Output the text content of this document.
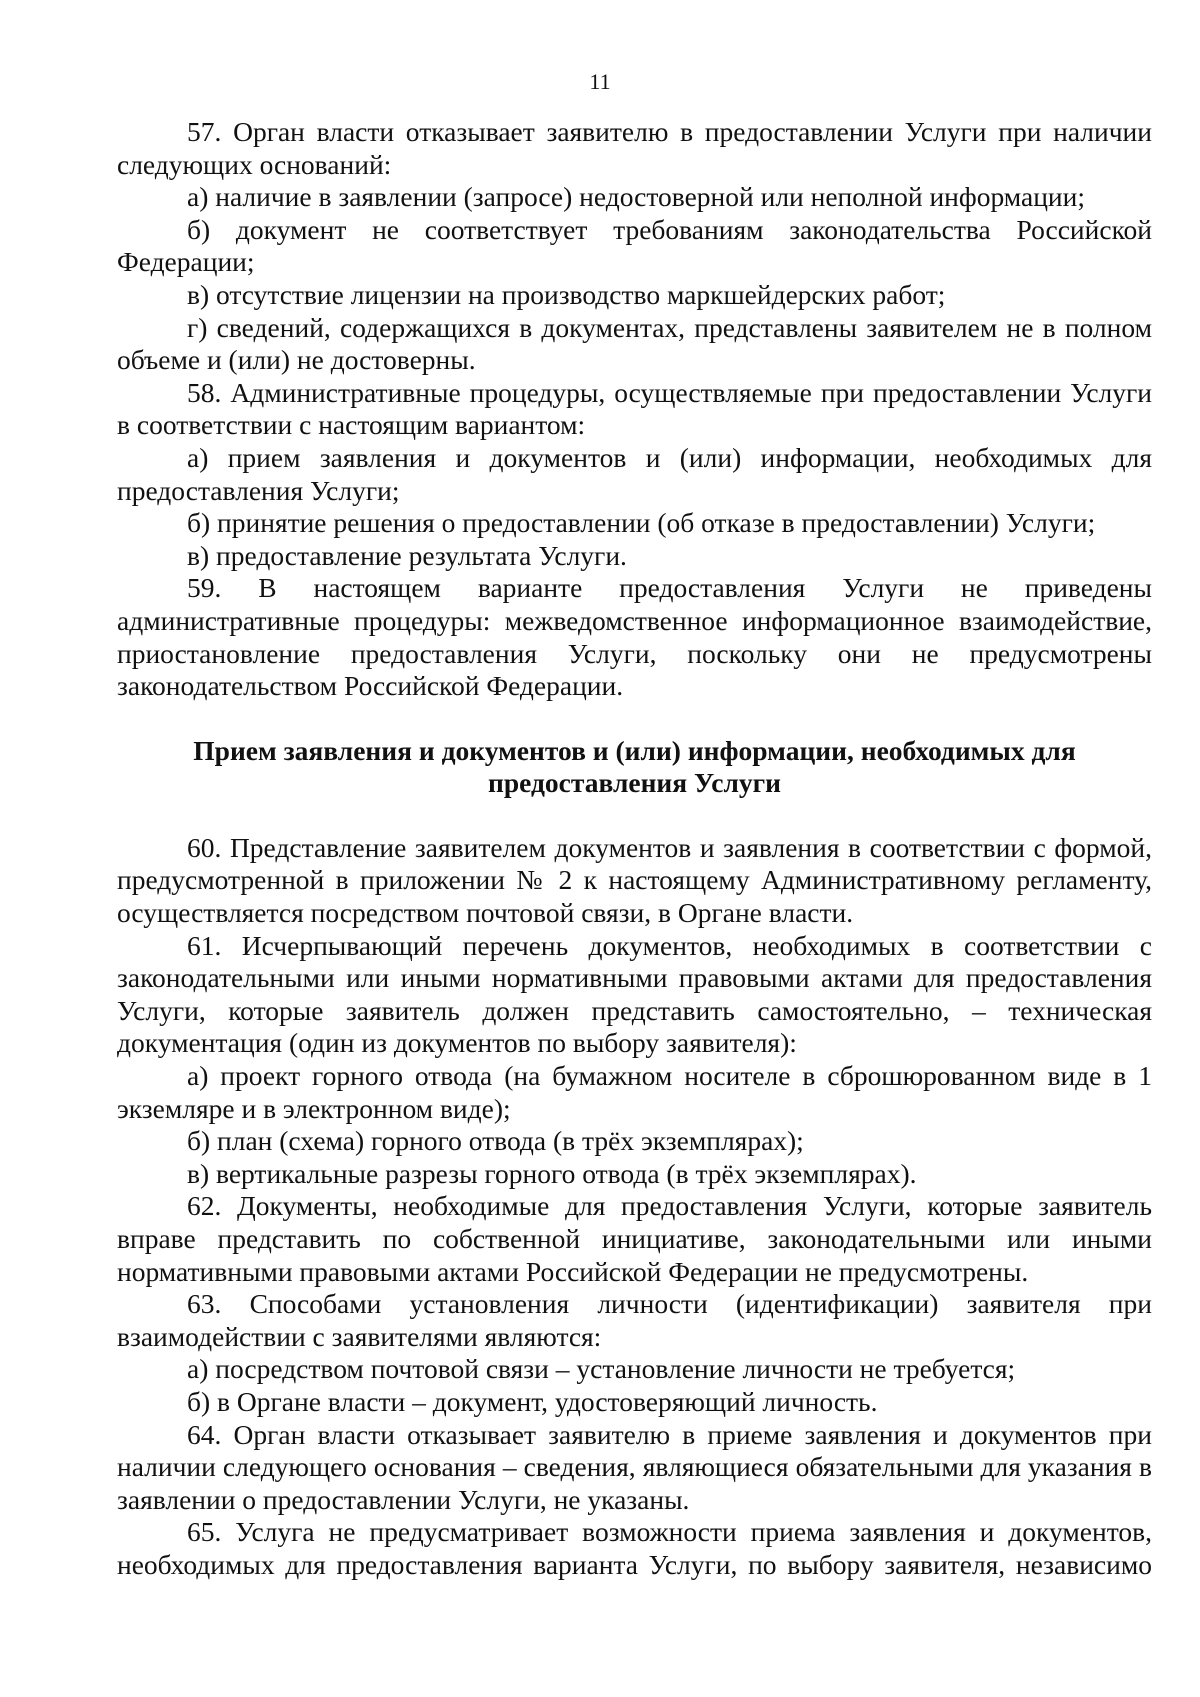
11

57. Орган власти отказывает заявителю в предоставлении Услуги при наличии следующих оснований:

а) наличие в заявлении (запросе) недостоверной или неполной информации;

б) документ не соответствует требованиям законодательства Российской Федерации;

в) отсутствие лицензии на производство маркшейдерских работ;

г) сведений, содержащихся в документах, представлены заявителем не в полном объеме и (или) не достоверны.

58. Административные процедуры, осуществляемые при предоставлении Услуги в соответствии с настоящим вариантом:

а) прием заявления и документов и (или) информации, необходимых для предоставления Услуги;

б) принятие решения о предоставлении (об отказе в предоставлении) Услуги;

в) предоставление результата Услуги.

59. В настоящем варианте предоставления Услуги не приведены административные процедуры: межведомственное информационное взаимодействие, приостановление предоставления Услуги, поскольку они не предусмотрены законодательством Российской Федерации.

Прием заявления и документов и (или) информации, необходимых для предоставления Услуги

60. Представление заявителем документов и заявления в соответствии с формой, предусмотренной в приложении № 2 к настоящему Административному регламенту, осуществляется посредством почтовой связи, в Органе власти.

61. Исчерпывающий перечень документов, необходимых в соответствии с законодательными или иными нормативными правовыми актами для предоставления Услуги, которые заявитель должен представить самостоятельно, – техническая документация (один из документов по выбору заявителя):

а) проект горного отвода (на бумажном носителе в сброшюрованном виде в 1 экземляре и в электронном виде);

б) план (схема) горного отвода (в трёх экземплярах);

в) вертикальные разрезы горного отвода (в трёх экземплярах).

62. Документы, необходимые для предоставления Услуги, которые заявитель вправе представить по собственной инициативе, законодательными или иными нормативными правовыми актами Российской Федерации не предусмотрены.

63. Способами установления личности (идентификации) заявителя при взаимодействии с заявителями являются:

а) посредством почтовой связи – установление личности не требуется;

б) в Органе власти – документ, удостоверяющий личность.

64. Орган власти отказывает заявителю в приеме заявления и документов при наличии следующего основания – сведения, являющиеся обязательными для указания в заявлении о предоставлении Услуги, не указаны.

65. Услуга не предусматривает возможности приема заявления и документов, необходимых для предоставления варианта Услуги, по выбору заявителя, независимо
